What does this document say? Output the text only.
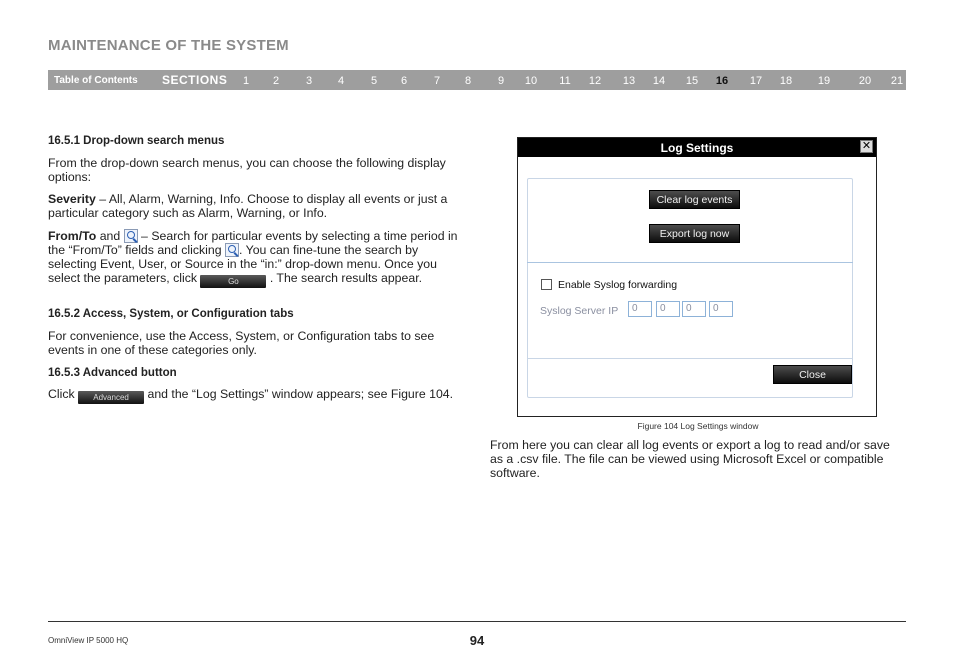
MAINTENANCE OF THE SYSTEM
Table of Contents SECTIONS 1 2 3 4 5 6 7 8 9 10 11 12 13 14 15 16 17 18 19	20 21
16.5.1 Drop-down search menus

From the drop-down search menus, you can choose the following display options:

Severity – All, Alarm, Warning, Info. Choose to display all events or just a particular category such as Alarm, Warning, or Info.

From/To and  – Search for particular events by selecting a time period in the “From/To” fields and clicking . You can fine-tune the search by selecting Event, User, or Source in the “in:” drop-down menu. Once you select the parameters, click	Go . The search results appear.

16.5.2 Access, System, or Configuration tabs

For convenience, use the Access, System, or Configuration tabs to see events in one of these categories only.

16.5.3 Advanced button

Click Advanced and the “Log Settings” window appears; see Figure 104.

Log Settings	✕
Clear log events
Export log now
Enable Syslog forwarding
Syslog Server IP	0	0	0	0
Close
Figure 104 Log Settings window

From here you can clear all log events or export a log to read and/or save as a .csv file. The file can be viewed using Microsoft Excel or compatible software.

OmniView IP 5000 HQ	94
